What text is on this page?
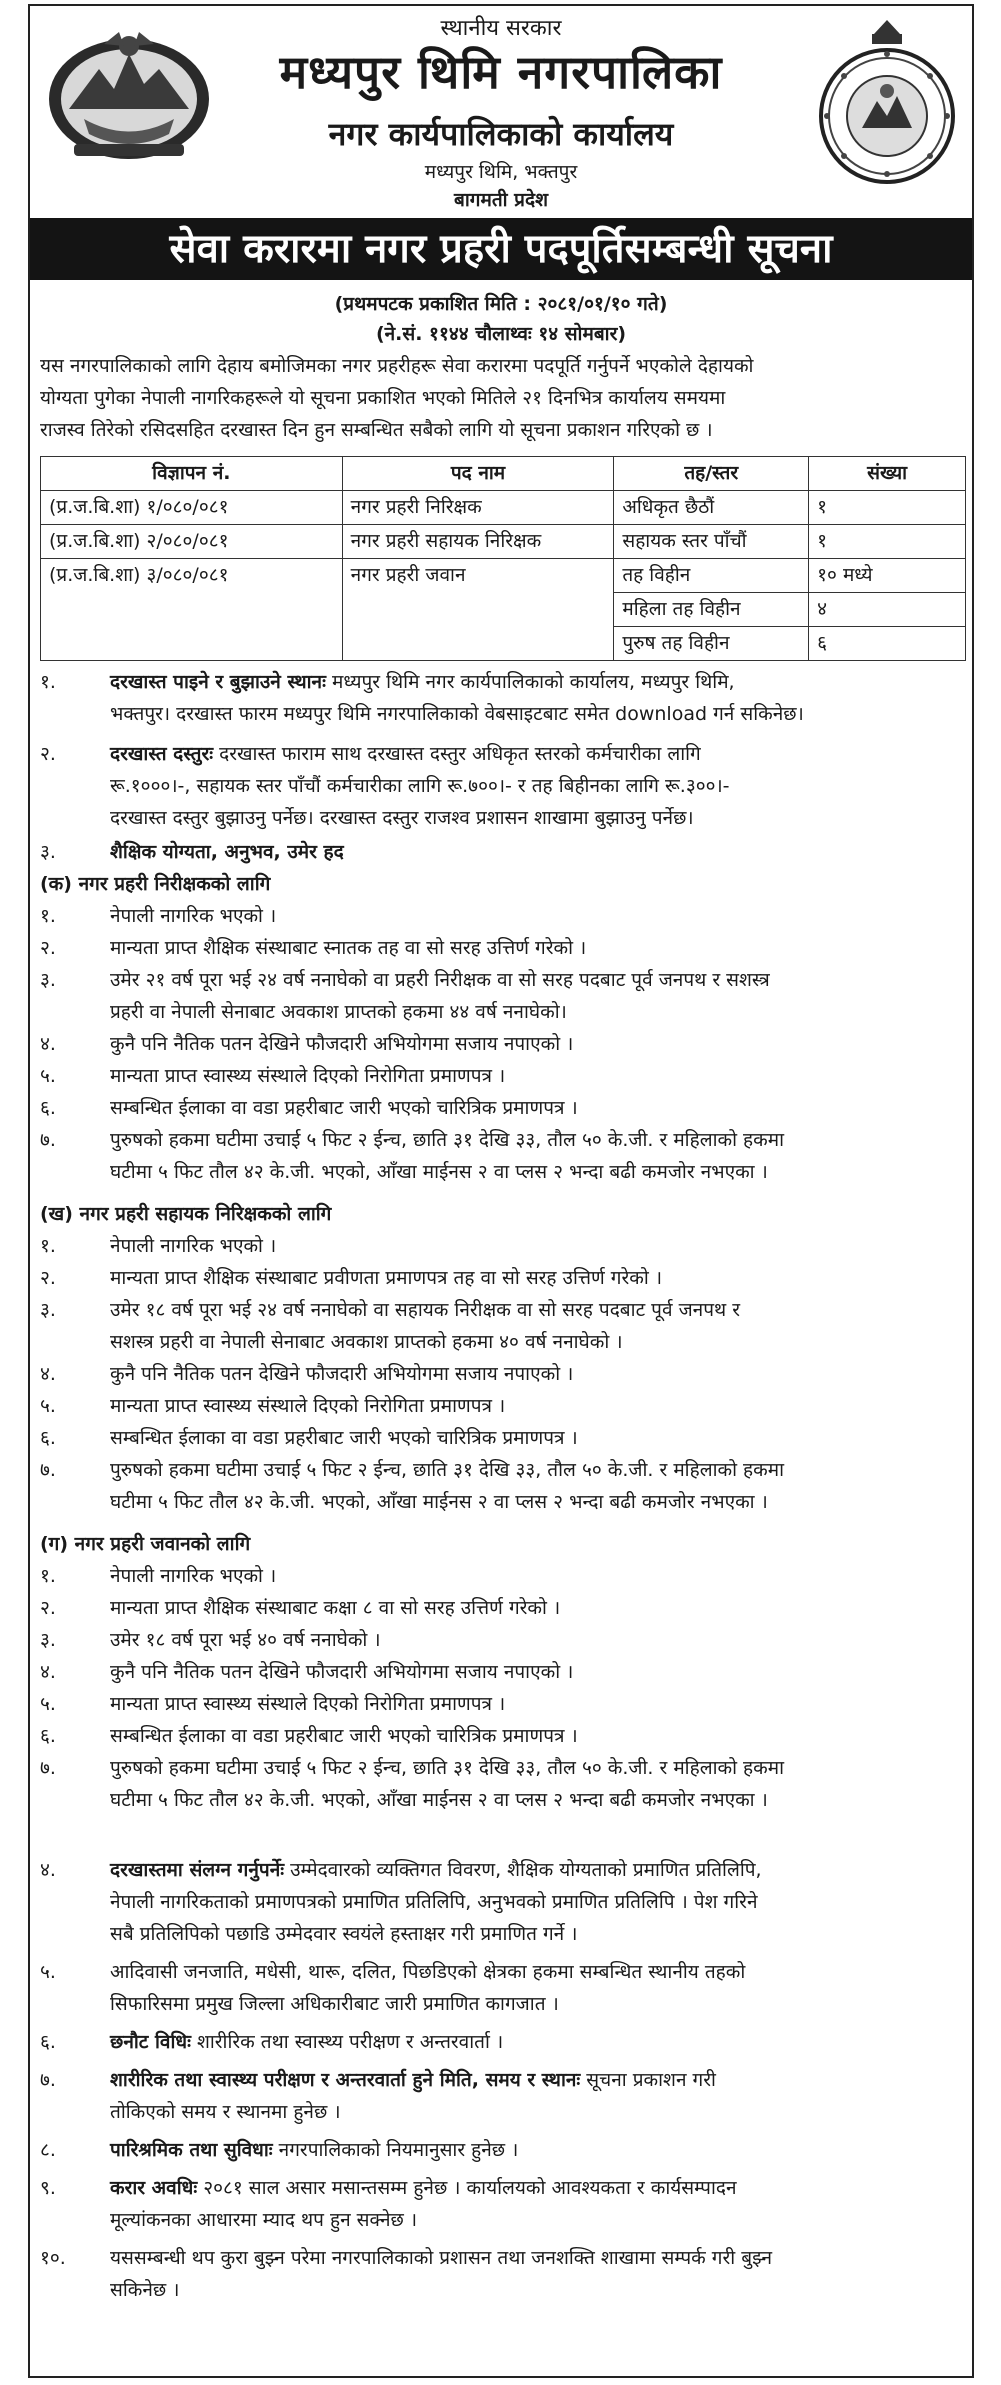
स्थानीय सरकार
मध्यपुर थिमि नगरपालिका
नगर कार्यपालिकाको कार्यालय
मध्यपुर थिमि, भक्तपुर
बागमती प्रदेश
सेवा करारमा नगर प्रहरी पदपूर्तिसम्बन्धी सूचना
(प्रथमपटक प्रकाशित मिति : २०८१/०१/१० गते)
(ने.सं. ११४४ चौलाथ्वः १४ सोमबार)
यस नगरपालिकाको लागि देहाय बमोजिमका नगर प्रहरीहरू सेवा करारमा पदपूर्ति गर्नुपर्ने भएकोले देहायको
योग्यता पुगेका नेपाली नागरिकहरूले यो सूचना प्रकाशित भएको मितिले २१ दिनभित्र कार्यालय समयमा
राजस्व तिरेको रसिदसहित दरखास्त दिन हुन सम्बन्धित सबैको लागि यो सूचना प्रकाशन गरिएको छ ।
विज्ञापन नं.	पद नाम	तह/स्तर	संख्या
(प्र.ज.बि.शा) १/०८०/०८१	नगर प्रहरी निरिक्षक	अधिकृत छैठौं	१
(प्र.ज.बि.शा) २/०८०/०८१	नगर प्रहरी सहायक निरिक्षक	सहायक स्तर पाँचौं	१
(प्र.ज.बि.शा) ३/०८०/०८१	नगर प्रहरी जवान	तह विहीन	१० मध्ये
		महिला तह विहीन	४
		पुरुष तह विहीन	६
१.	दरखास्त पाइने र बुझाउने स्थानः मध्यपुर थिमि नगर कार्यपालिकाको कार्यालय, मध्यपुर थिमि,
भक्तपुर। दरखास्त फारम मध्यपुर थिमि नगरपालिकाको वेबसाइटबाट समेत download गर्न सकिनेछ।
२.	दरखास्त दस्तुरः दरखास्त फाराम साथ दरखास्त दस्तुर अधिकृत स्तरको कर्मचारीका लागि
रू.१०००।-, सहायक स्तर पाँचौं कर्मचारीका लागि रू.७००।- र तह बिहीनका लागि रू.३००।-
दरखास्त दस्तुर बुझाउनु पर्नेछ। दरखास्त दस्तुर राजश्व प्रशासन शाखामा बुझाउनु पर्नेछ।
३.	शैक्षिक योग्यता, अनुभव, उमेर हद
(क) नगर प्रहरी निरीक्षकको लागि
१.	नेपाली नागरिक भएको ।
२.	मान्यता प्राप्त शैक्षिक संस्थाबाट स्नातक तह वा सो सरह उत्तिर्ण गरेको ।
३.	उमेर २१ वर्ष पूरा भई २४ वर्ष ननाघेको वा प्रहरी निरीक्षक वा सो सरह पदबाट पूर्व जनपथ र सशस्त्र
प्रहरी वा नेपाली सेनाबाट अवकाश प्राप्तको हकमा ४४ वर्ष ननाघेको।
४.	कुनै पनि नैतिक पतन देखिने फौजदारी अभियोगमा सजाय नपाएको ।
५.	मान्यता प्राप्त स्वास्थ्य संस्थाले दिएको निरोगिता प्रमाणपत्र ।
६.	सम्बन्धित ईलाका वा वडा प्रहरीबाट जारी भएको चारित्रिक प्रमाणपत्र ।
७.	पुरुषको हकमा घटीमा उचाई ५ फिट २ ईन्च, छाति ३१ देखि ३३, तौल ५० के.जी. र महिलाको हकमा
घटीमा ५ फिट तौल ४२ के.जी. भएको, आँखा माईनस २ वा प्लस २ भन्दा बढी कमजोर नभएका ।
(ख) नगर प्रहरी सहायक निरिक्षकको लागि
१.	नेपाली नागरिक भएको ।
२.	मान्यता प्राप्त शैक्षिक संस्थाबाट प्रवीणता प्रमाणपत्र तह वा सो सरह उत्तिर्ण गरेको ।
३.	उमेर १८ वर्ष पूरा भई २४ वर्ष ननाघेको वा सहायक निरीक्षक वा सो सरह पदबाट पूर्व जनपथ र
सशस्त्र प्रहरी वा नेपाली सेनाबाट अवकाश प्राप्तको हकमा ४० वर्ष ननाघेको ।
४.	कुनै पनि नैतिक पतन देखिने फौजदारी अभियोगमा सजाय नपाएको ।
५.	मान्यता प्राप्त स्वास्थ्य संस्थाले दिएको निरोगिता प्रमाणपत्र ।
६.	सम्बन्धित ईलाका वा वडा प्रहरीबाट जारी भएको चारित्रिक प्रमाणपत्र ।
७.	पुरुषको हकमा घटीमा उचाई ५ फिट २ ईन्च, छाति ३१ देखि ३३, तौल ५० के.जी. र महिलाको हकमा
घटीमा ५ फिट तौल ४२ के.जी. भएको, आँखा माईनस २ वा प्लस २ भन्दा बढी कमजोर नभएका ।
(ग) नगर प्रहरी जवानको लागि
१.	नेपाली नागरिक भएको ।
२.	मान्यता प्राप्त शैक्षिक संस्थाबाट कक्षा ८ वा सो सरह उत्तिर्ण गरेको ।
३.	उमेर १८ वर्ष पूरा भई ४० वर्ष ननाघेको ।
४.	कुनै पनि नैतिक पतन देखिने फौजदारी अभियोगमा सजाय नपाएको ।
५.	मान्यता प्राप्त स्वास्थ्य संस्थाले दिएको निरोगिता प्रमाणपत्र ।
६.	सम्बन्धित ईलाका वा वडा प्रहरीबाट जारी भएको चारित्रिक प्रमाणपत्र ।
७.	पुरुषको हकमा घटीमा उचाई ५ फिट २ ईन्च, छाति ३१ देखि ३३, तौल ५० के.जी. र महिलाको हकमा
घटीमा ५ फिट तौल ४२ के.जी. भएको, आँखा माईनस २ वा प्लस २ भन्दा बढी कमजोर नभएका ।
४.	दरखास्तमा संलग्न गर्नुपर्नेः उम्मेदवारको व्यक्तिगत विवरण, शैक्षिक योग्यताको प्रमाणित प्रतिलिपि,
नेपाली नागरिकताको प्रमाणपत्रको प्रमाणित प्रतिलिपि, अनुभवको प्रमाणित प्रतिलिपि । पेश गरिने
सबै प्रतिलिपिको पछाडि उम्मेदवार स्वयंले हस्ताक्षर गरी प्रमाणित गर्ने ।
५.	आदिवासी जनजाति, मधेसी, थारू, दलित, पिछडिएको क्षेत्रका हकमा सम्बन्धित स्थानीय तहको
सिफारिसमा प्रमुख जिल्ला अधिकारीबाट जारी प्रमाणित कागजात ।
६.	छनौट विधिः शारीरिक तथा स्वास्थ्य परीक्षण र अन्तरवार्ता ।
७.	शारीरिक तथा स्वास्थ्य परीक्षण र अन्तरवार्ता हुने मिति, समय र स्थानः सूचना प्रकाशन गरी
तोकिएको समय र स्थानमा हुनेछ ।
८.	पारिश्रमिक तथा सुविधाः नगरपालिकाको नियमानुसार हुनेछ ।
९.	करार अवधिः २०८१ साल असार मसान्तसम्म हुनेछ । कार्यालयको आवश्यकता र कार्यसम्पादन
मूल्यांकनका आधारमा म्याद थप हुन सक्नेछ ।
१०. यससम्बन्धी थप कुरा बुझ्न परेमा नगरपालिकाको प्रशासन तथा जनशक्ति शाखामा सम्पर्क गरी बुझ्न
सकिनेछ ।
